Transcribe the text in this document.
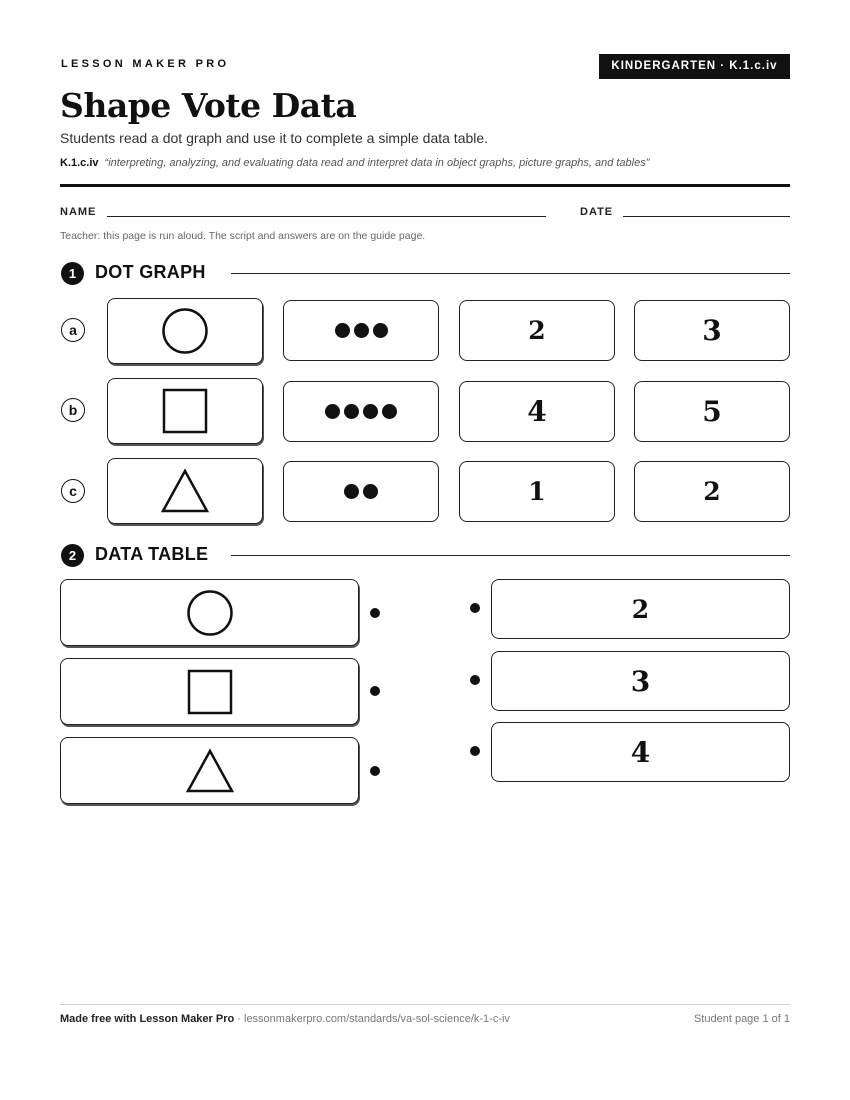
LESSON MAKER PRO	KINDERGARTEN · K.1.c.iv
Shape Vote Data
Students read a dot graph and use it to complete a simple data table.
K.1.c.iv “interpreting, analyzing, and evaluating data read and interpret data in object graphs, picture graphs, and tables”
NAME	DATE
Teacher: this page is run aloud. The script and answers are on the guide page.
1	DOT GRAPH
a	2	3
b	4	5
c	1	2
2	DATA TABLE
2
3
4
Made free with Lesson Maker Pro · lessonmakerpro.com/standards/va-sol-science/k-1-c-iv	Student page 1 of 1
